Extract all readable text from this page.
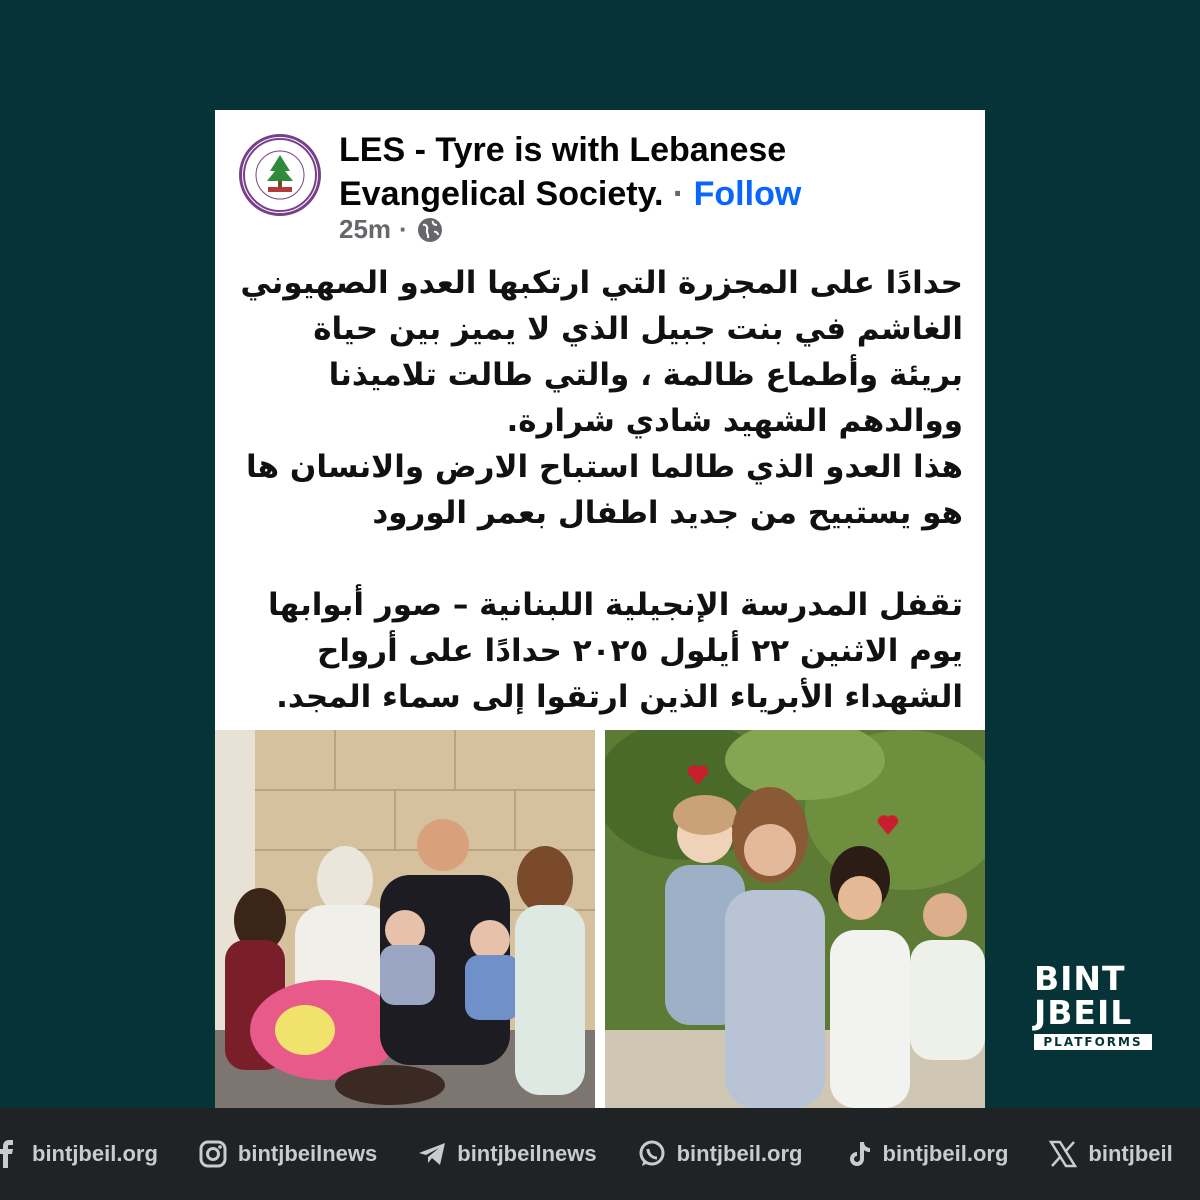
LES - Tyre is with Lebanese Evangelical Society. · Follow
25m ·
حدادًا على المجزرة التي ارتكبها العدو الصهيوني
الغاشم في بنت جبيل الذي لا يميز بين حياة
بريئة وأطماع ظالمة ، والتي طالت تلاميذنا
ووالدهم الشهيد شادي شرارة.
هذا العدو الذي طالما استباح الارض والانسان ها
هو يستبيح من جديد اطفال بعمر الورود

تقفل المدرسة الإنجيلية اللبنانية – صور أبوابها
يوم الاثنين ٢٢ أيلول ٢٠٢٥ حدادًا على أرواح
الشهداء الأبرياء الذين ارتقوا إلى سماء المجد.
BINT
JBEIL
PLATFORMS
bintjbeil.org	bintjbeilnews	bintjbeilnews	bintjbeil.org	bintjbeil.org	bintjbeil
